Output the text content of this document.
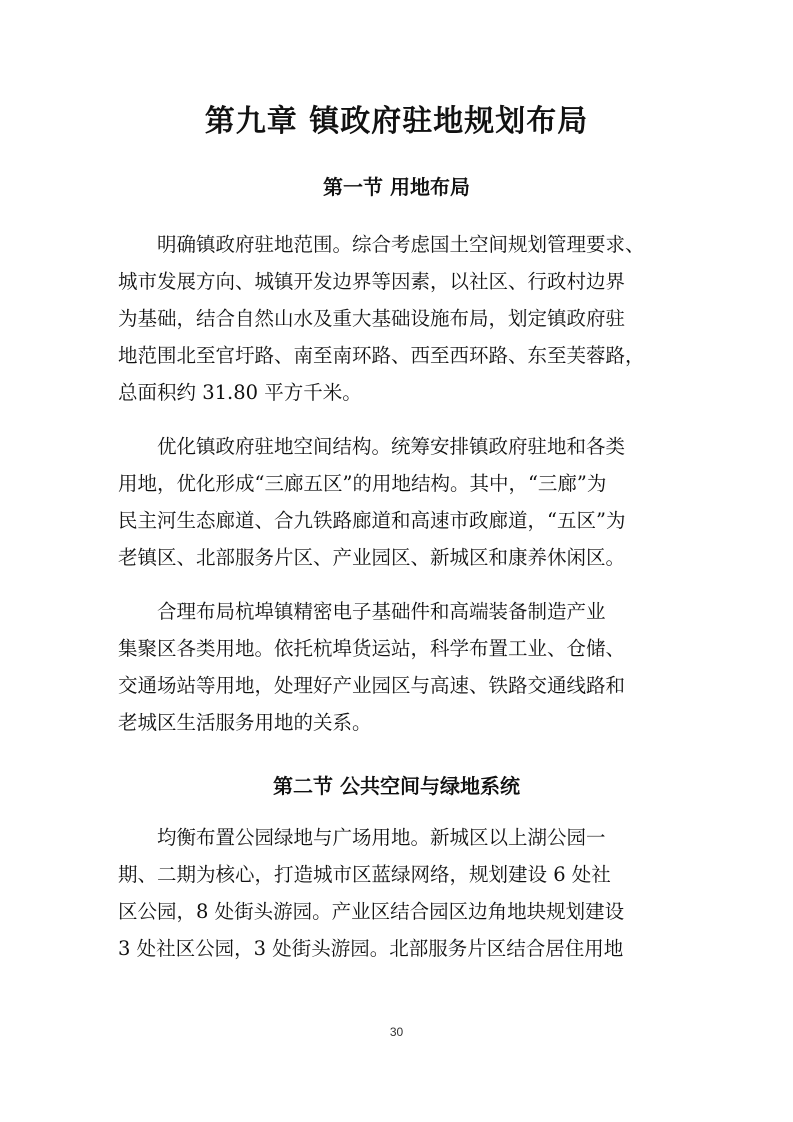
第九章 镇政府驻地规划布局
第一节 用地布局

明确镇政府驻地范围。综合考虑国土空间规划管理要求、
城市发展方向、城镇开发边界等因素，以社区、行政村边界
为基础，结合自然山水及重大基础设施布局，划定镇政府驻
地范围北至官圩路、南至南环路、西至西环路、东至芙蓉路，
总面积约 31.80 平方千米。

优化镇政府驻地空间结构。统筹安排镇政府驻地和各类
用地，优化形成“三廊五区”的用地结构。其中，“三廊”为
民主河生态廊道、合九铁路廊道和高速市政廊道，“五区”为
老镇区、北部服务片区、产业园区、新城区和康养休闲区。

合理布局杭埠镇精密电子基础件和高端装备制造产业
集聚区各类用地。依托杭埠货运站，科学布置工业、仓储、
交通场站等用地，处理好产业园区与高速、铁路交通线路和
老城区生活服务用地的关系。

第二节 公共空间与绿地系统

均衡布置公园绿地与广场用地。新城区以上湖公园一
期、二期为核心，打造城市区蓝绿网络，规划建设 6 处社
区公园，8 处街头游园。产业区结合园区边角地块规划建设
3 处社区公园，3 处街头游园。北部服务片区结合居住用地

30
